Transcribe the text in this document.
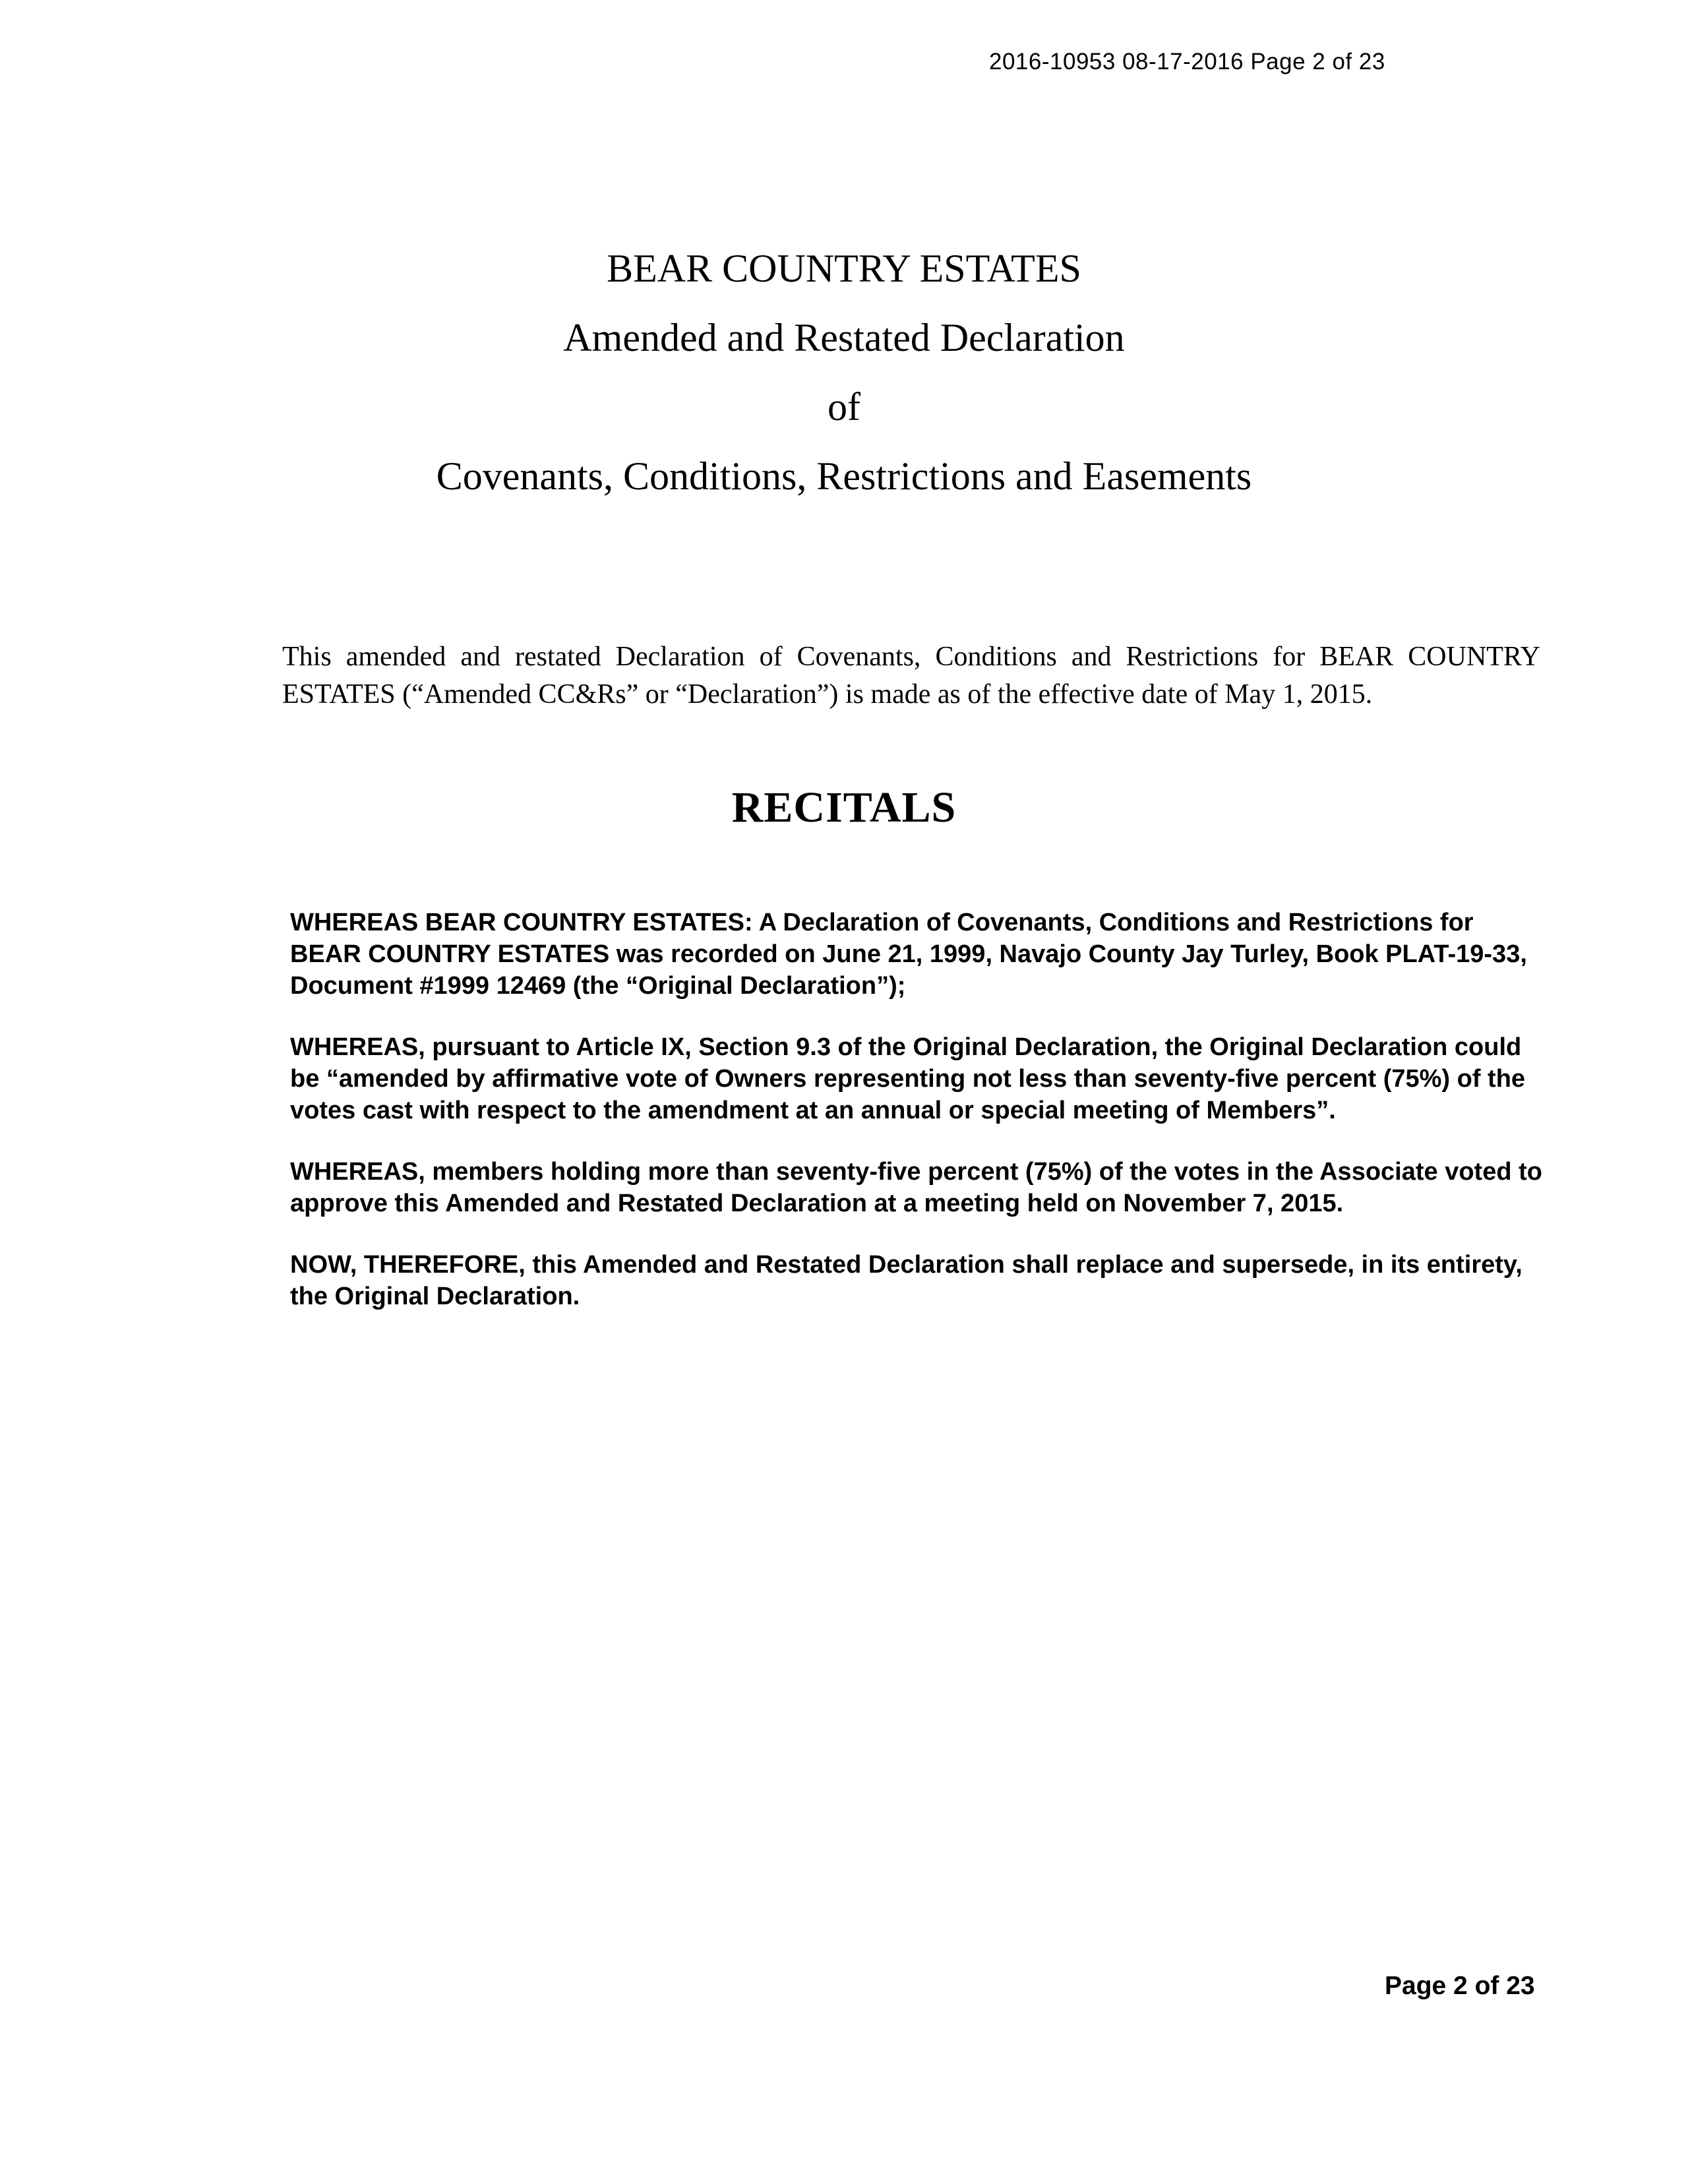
2016-10953 08-17-2016 Page 2 of 23
BEAR COUNTRY ESTATES
Amended and Restated Declaration
of
Covenants, Conditions, Restrictions and Easements
This amended and restated Declaration of Covenants, Conditions and Restrictions for BEAR COUNTRY ESTATES (“Amended CC&Rs” or “Declaration”) is made as of the effective date of May 1, 2015.
RECITALS

WHEREAS BEAR COUNTRY ESTATES: A Declaration of Covenants, Conditions and Restrictions for BEAR COUNTRY ESTATES was recorded on June 21, 1999, Navajo County Jay Turley, Book PLAT-19-33, Document #1999 12469 (the “Original Declaration”);

WHEREAS, pursuant to Article IX, Section 9.3 of the Original Declaration, the Original Declaration could be “amended by affirmative vote of Owners representing not less than seventy-five percent (75%) of the votes cast with respect to the amendment at an annual or special meeting of Members”.

WHEREAS, members holding more than seventy-five percent (75%) of the votes in the Associate voted to approve this Amended and Restated Declaration at a meeting held on November 7, 2015.

NOW, THEREFORE, this Amended and Restated Declaration shall replace and supersede, in its entirety, the Original Declaration.

Page 2 of 23
